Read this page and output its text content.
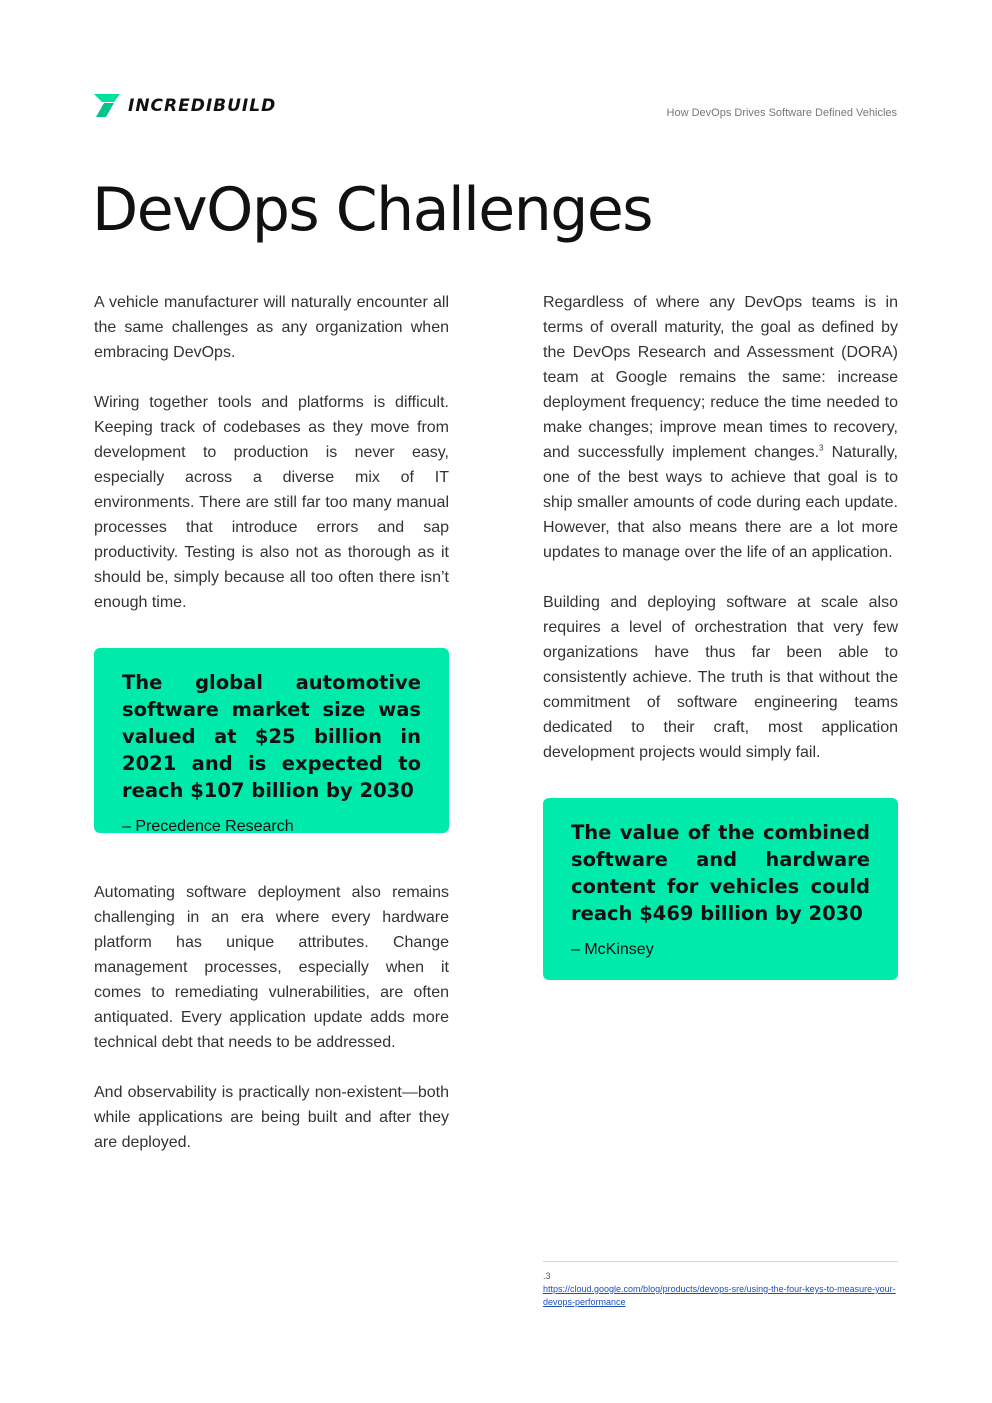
INCREDIBUILD	How DevOps Drives Software Defined Vehicles
DevOps Challenges

A vehicle manufacturer will naturally encounter all the same challenges as any organization when embracing DevOps.

Wiring together tools and platforms is difficult. Keeping track of codebases as they move from development to production is never easy, especially across a diverse mix of IT environments. There are still far too many manual processes that introduce errors and sap productivity. Testing is also not as thorough as it should be, simply because all too often there isn’t enough time.

The global automotive software market size was valued at $25 billion in 2021 and is expected to reach $107 billion by 2030

– Precedence Research

Automating software deployment also remains challenging in an era where every hardware platform has unique attributes. Change management processes, especially when it comes to remediating vulnerabilities, are often antiquated. Every application update adds more technical debt that needs to be addressed.

And observability is practically non-existent—both while applications are being built and after they are deployed.

Regardless of where any DevOps teams is in terms of overall maturity, the goal as defined by the DevOps Research and Assessment (DORA) team at Google remains the same: increase deployment frequency; reduce the time needed to make changes; improve mean times to recovery, and successfully implement changes.$^3$ Naturally, one of the best ways to achieve that goal is to ship smaller amounts of code during each update. However, that also means there are a lot more updates to manage over the life of an application.

Building and deploying software at scale also requires a level of orchestration that very few organizations have thus far been able to consistently achieve. The truth is that without the commitment of software engineering teams dedicated to their craft, most application development projects would simply fail.

The value of the combined software and hardware content for vehicles could reach $469 billion by 2030

– McKinsey
.3
https://cloud.google.com/blog/products/devops-sre/using-the-four-keys-to-measure-your-devops-performance
